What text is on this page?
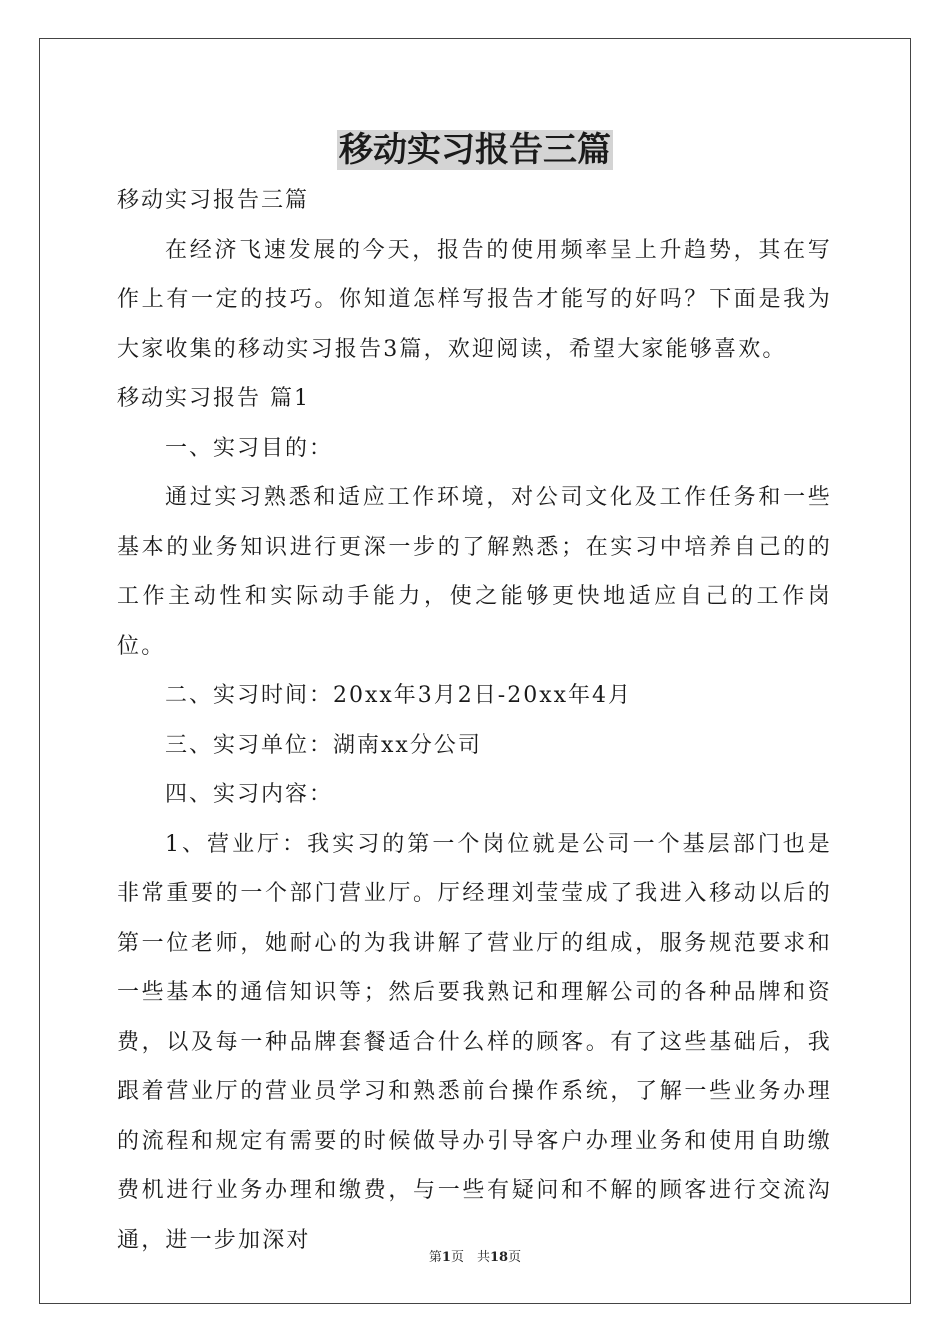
移动实习报告三篇
移动实习报告三篇

在经济飞速发展的今天，报告的使用频率呈上升趋势，其在写作上有一定的技巧。你知道怎样写报告才能写的好吗？下面是我为大家收集的移动实习报告3篇，欢迎阅读，希望大家能够喜欢。

移动实习报告 篇1
一、实习目的：

通过实习熟悉和适应工作环境，对公司文化及工作任务和一些基本的业务知识进行更深一步的了解熟悉；在实习中培养自己的的工作主动性和实际动手能力，使之能够更快地适应自己的工作岗位。

二、实习时间：20xx年3月2日-20xx年4月
三、实习单位：湖南xx分公司
四、实习内容：

1、营业厅：我实习的第一个岗位就是公司一个基层部门也是非常重要的一个部门营业厅。厅经理刘莹莹成了我进入移动以后的第一位老师，她耐心的为我讲解了营业厅的组成，服务规范要求和一些基本的通信知识等；然后要我熟记和理解公司的各种品牌和资费，以及每一种品牌套餐适合什么样的顾客。有了这些基础后，我跟着营业厅的营业员学习和熟悉前台操作系统，了解一些业务办理的流程和规定有需要的时候做导办引导客户办理业务和使用自助缴费机进行业务办理和缴费，与一些有疑问和不解的顾客进行交流沟通，进一步加深对

第1页　共18页
